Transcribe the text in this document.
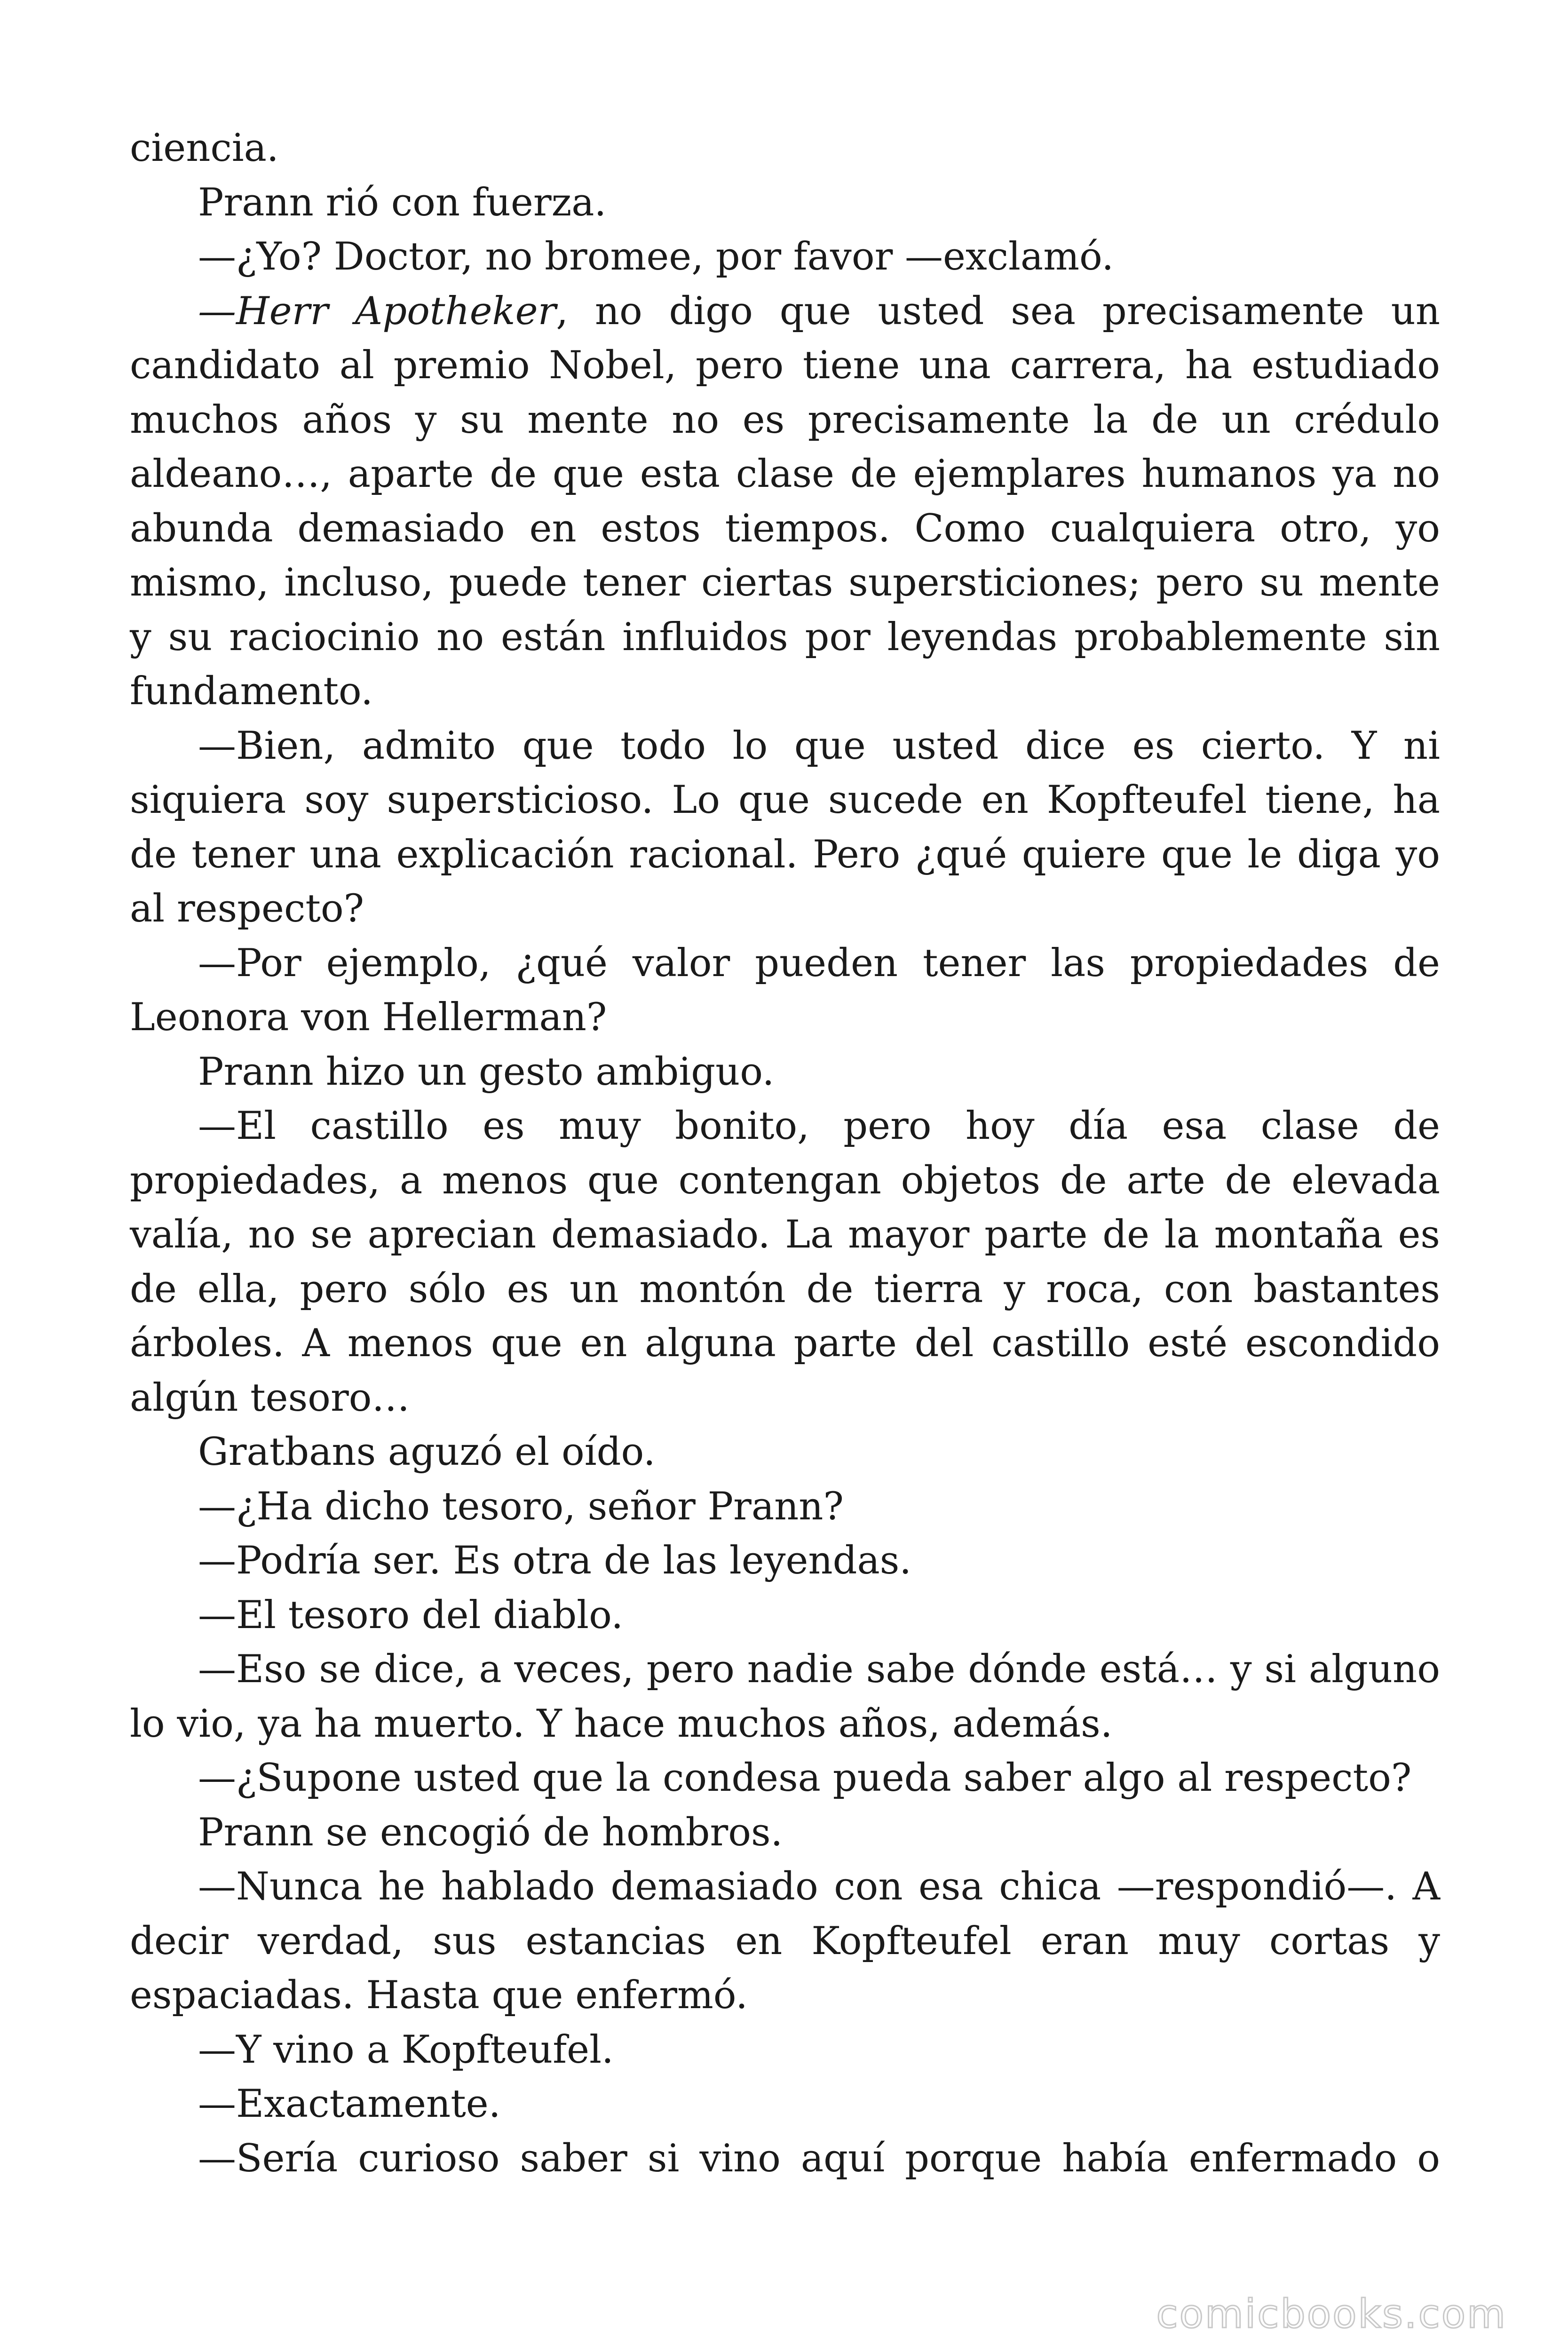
ciencia.

Prann rió con fuerza.

—¿Yo? Doctor, no bromee, por favor —exclamó.

—Herr Apotheker, no digo que usted sea precisamente un candidato al premio Nobel, pero tiene una carrera, ha estudiado muchos años y su mente no es precisamente la de un crédulo aldeano…, aparte de que esta clase de ejemplares humanos ya no abunda demasiado en estos tiempos. Como cualquiera otro, yo mismo, incluso, puede tener ciertas supersticiones; pero su mente y su raciocinio no están influidos por leyendas probablemente sin fundamento.

—Bien, admito que todo lo que usted dice es cierto. Y ni siquiera soy supersticioso. Lo que sucede en Kopfteufel tiene, ha de tener una explicación racional. Pero ¿qué quiere que le diga yo al respecto?

—Por ejemplo, ¿qué valor pueden tener las propiedades de Leonora von Hellerman?

Prann hizo un gesto ambiguo.

—El castillo es muy bonito, pero hoy día esa clase de propiedades, a menos que contengan objetos de arte de elevada valía, no se aprecian demasiado. La mayor parte de la montaña es de ella, pero sólo es un montón de tierra y roca, con bastantes árboles. A menos que en alguna parte del castillo esté escondido algún tesoro…

Gratbans aguzó el oído.

—¿Ha dicho tesoro, señor Prann?

—Podría ser. Es otra de las leyendas.

—El tesoro del diablo.

—Eso se dice, a veces, pero nadie sabe dónde está… y si alguno lo vio, ya ha muerto. Y hace muchos años, además.

—¿Supone usted que la condesa pueda saber algo al respecto?

Prann se encogió de hombros.

—Nunca he hablado demasiado con esa chica —respondió—. A decir verdad, sus estancias en Kopfteufel eran muy cortas y espaciadas. Hasta que enfermó.

—Y vino a Kopfteufel.

—Exactamente.

—Sería curioso saber si vino aquí porque había enfermado o

comicbooks.com
